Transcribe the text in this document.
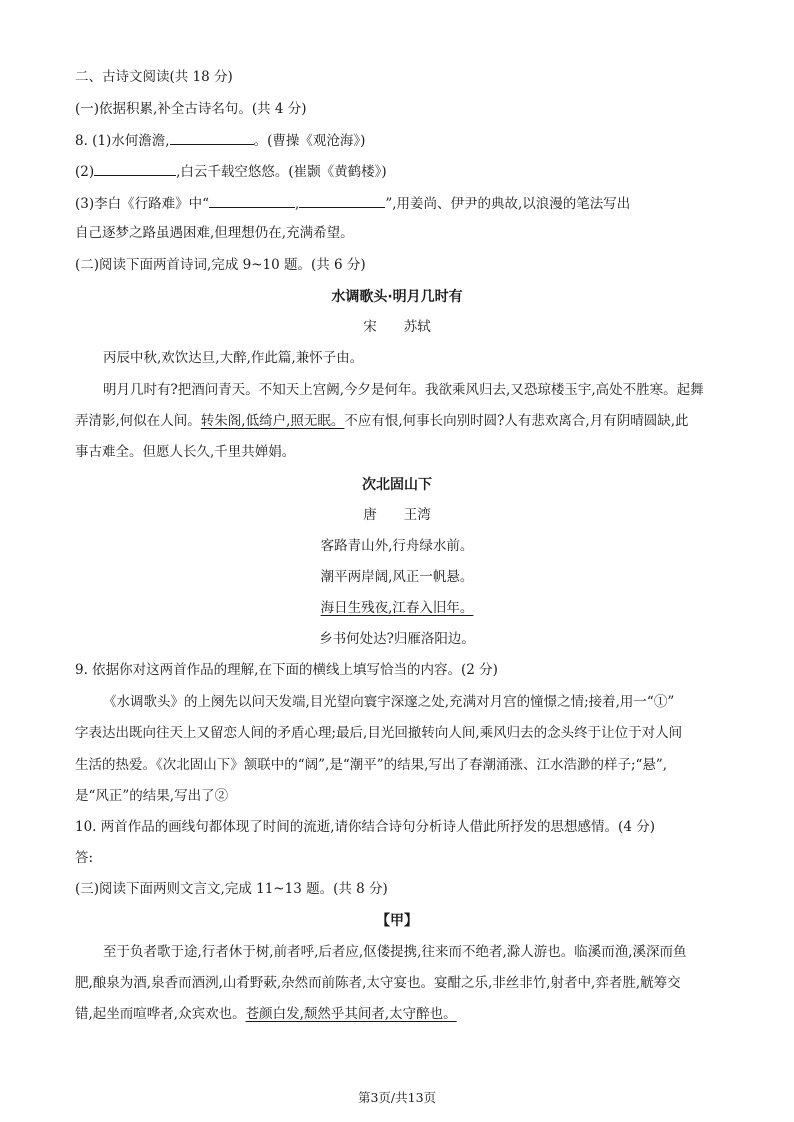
二、古诗文阅读(共 18 分)
(一)依据积累,补全古诗名句。(共 4 分)
8. (1)水何澹澹,	。(曹操《观沧海》)
(2)	,白云千载空悠悠。(崔颢《黄鹤楼》)
(3)李白《行路难》中“	,	”,用姜尚、伊尹的典故,以浪漫的笔法写出
自己逐梦之路虽遇困难,但理想仍在,充满希望。
(二)阅读下面两首诗词,完成 9~10 题。(共 6 分)
水调歌头·明月几时有
宋　　苏轼
丙辰中秋,欢饮达旦,大醉,作此篇,兼怀子由。
明月几时有?把酒问青天。不知天上宫阙,今夕是何年。我欲乘风归去,又恐琼楼玉宇,高处不胜寒。起舞
弄清影,何似在人间。转朱阁,低绮户,照无眠。不应有恨,何事长向别时圆?人有悲欢离合,月有阴晴圆缺,此
事古难全。但愿人长久,千里共婵娟。
次北固山下
唐　　王湾
客路青山外,行舟绿水前。
潮平两岸阔,风正一帆悬。
海日生残夜,江春入旧年。
乡书何处达?归雁洛阳边。
9. 依据你对这两首作品的理解,在下面的横线上填写恰当的内容。(2 分)
《水调歌头》的上阕先以问天发端,目光望向寰宇深邃之处,充满对月宫的憧憬之情;接着,用一“①”
字表达出既向往天上又留恋人间的矛盾心理;最后,目光回撤转向人间,乘风归去的念头终于让位于对人间
生活的热爱。《次北固山下》颔联中的“阔”,是“潮平”的结果,写出了春潮涌涨、江水浩渺的样子;“悬”,
是“风正”的结果,写出了②
10. 两首作品的画线句都体现了时间的流逝,请你结合诗句分析诗人借此所抒发的思想感情。(4 分)
答:
(三)阅读下面两则文言文,完成 11~13 题。(共 8 分)
【甲】
至于负者歌于途,行者休于树,前者呼,后者应,伛偻提携,往来而不绝者,滁人游也。临溪而渔,溪深而鱼
肥,酿泉为酒,泉香而酒洌,山肴野蔌,杂然而前陈者,太守宴也。宴酣之乐,非丝非竹,射者中,弈者胜,觥筹交
错,起坐而喧哗者,众宾欢也。苍颜白发,颓然乎其间者,太守醉也。
第3页/共13页
